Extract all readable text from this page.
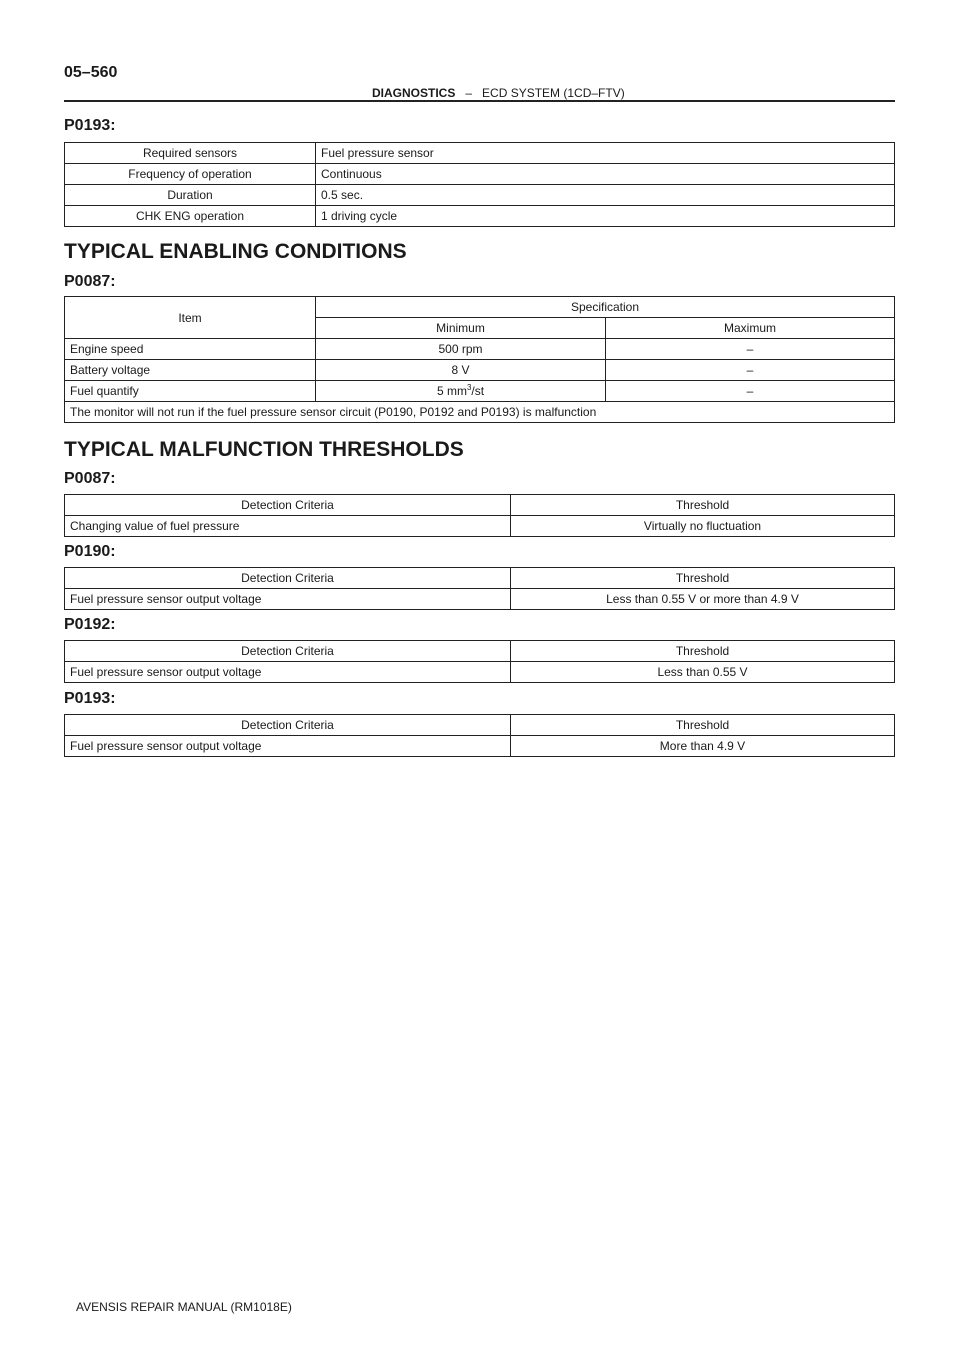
05–560
DIAGNOSTICS – ECD SYSTEM (1CD–FTV)
P0193:
Required sensors	Fuel pressure sensor
Frequency of operation	Continuous
Duration	0.5 sec.
CHK ENG operation	1 driving cycle
TYPICAL ENABLING CONDITIONS
P0087:
Item	Specification	
	Minimum	Maximum
Engine speed	500 rpm	–
Battery voltage	8 V	–
Fuel quantify	5 $mm^3/st$	–
The monitor will not run if the fuel pressure sensor circuit (P0190, P0192 and P0193) is malfunction		
TYPICAL MALFUNCTION THRESHOLDS
P0087:
Detection Criteria	Threshold
Changing value of fuel pressure	Virtually no fluctuation
P0190:
Detection Criteria	Threshold
Fuel pressure sensor output voltage	Less than 0.55 V or more than 4.9 V
P0192:
Detection Criteria	Threshold
Fuel pressure sensor output voltage	Less than 0.55 V
P0193:
Detection Criteria	Threshold
Fuel pressure sensor output voltage	More than 4.9 V
AVENSIS REPAIR MANUAL (RM1018E)
